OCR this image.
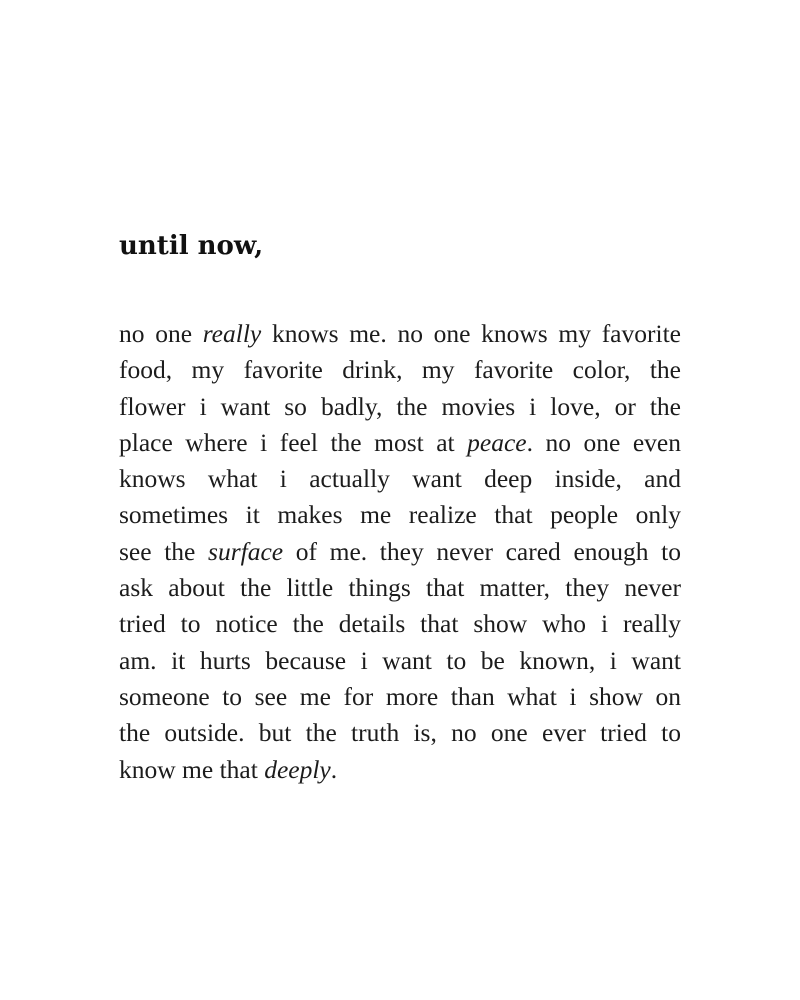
until now,
no one really knows me. no one knows my favorite
food, my favorite drink, my favorite color, the
flower i want so badly, the movies i love, or the
place where i feel the most at peace. no one even
knows what i actually want deep inside, and
sometimes it makes me realize that people only
see the surface of me. they never cared enough to
ask about the little things that matter, they never
tried to notice the details that show who i really
am. it hurts because i want to be known, i want
someone to see me for more than what i show on
the outside. but the truth is, no one ever tried to
know me that deeply.
